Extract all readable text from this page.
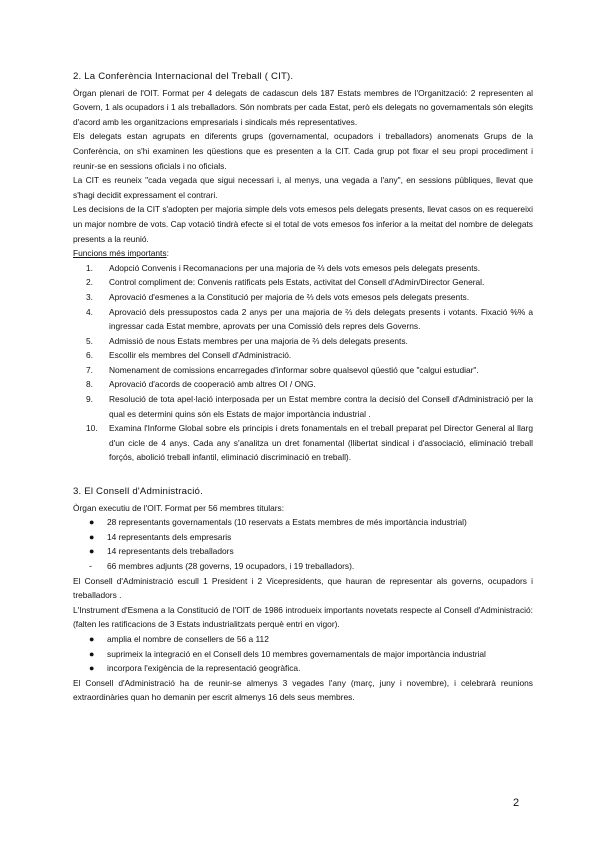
2. La Conferència Internacional del Treball ( CIT).

Òrgan plenari de l'OIT. Format per 4 delegats de cadascun dels 187 Estats membres de l'Organització: 2 representen al Govern, 1 als ocupadors i 1 als treballadors. Són nombrats per cada Estat, però els delegats no governamentals són elegits d'acord amb les organitzacions empresarials i sindicals més representatives.

Els delegats estan agrupats en diferents grups (governamental, ocupadors i treballadors) anomenats Grups de la Conferència, on s'hi examinen les qüestions que es presenten a la CIT. Cada grup pot fixar el seu propi procediment i reunir-se en sessions oficials i no oficials.

La CIT es reuneix "cada vegada que sigui necessari i, al menys, una vegada a l'any", en sessions públiques, llevat que s'hagi decidit expressament el contrari.

Les decisions de la CIT s'adopten per majoria simple dels vots emesos pels delegats presents, llevat casos on es requereixi un major nombre de vots. Cap votació tindrà efecte si el total de vots emesos fos inferior a la meitat del nombre de delegats presents a la reunió.

Funcions més importants:

1. Adopció Convenis i Recomanacions per una majoria de ⅔ dels vots emesos pels delegats presents.
2. Control compliment de: Convenis ratificats pels Estats, activitat del Consell d'Admin/Director General.
3. Aprovació d'esmenes a la Constitució per majoria de ⅔ dels vots emesos pels delegats presents.
4. Aprovació dels pressupostos cada 2 anys per una majoria de ⅔ dels delegats presents i votants. Fixació %% a ingressar cada Estat membre, aprovats per una Comissió dels repres dels Governs.
5. Admissió de nous Estats membres per una majoria de ⅔ dels delegats presents.
6. Escollir els membres del Consell d'Administració.
7. Nomenament de comissions encarregades d'informar sobre qualsevol qüestió que "calgui estudiar".
8. Aprovació d'acords de cooperació amb altres OI / ONG.
9. Resolució de tota apel·lació interposada per un Estat membre contra la decisió del Consell d'Administració per la qual es determini quins són els Estats de major importància industrial .
10. Examina l'Informe Global sobre els principis i drets fonamentals en el treball preparat pel Director General al llarg d'un cicle de 4 anys. Cada any s'analitza un dret fonamental (llibertat sindical i d'associació, eliminació treball forçós, abolició treball infantil, eliminació discriminació en treball).
3. El Consell d'Administració.

Òrgan executiu de l'OIT. Format per 56 membres titulars:

● 28 representants governamentals (10 reservats a Estats membres de més importància industrial)
● 14 representants dels empresaris
● 14 representants dels treballadors
- 66 membres adjunts (28 governs, 19 ocupadors, i 19 treballadors).

El Consell d'Administració escull 1 President i 2 Vicepresidents, que hauran de representar als governs, ocupadors i treballadors .

L'Instrument d'Esmena a la Constitució de l'OIT de 1986 introdueix importants novetats respecte al Consell d'Administració: (falten les ratificacions de 3 Estats industrialitzats perquè entri en vigor).

● amplia el nombre de consellers de 56 a 112
● suprimeix la integració en el Consell dels 10 membres governamentals de major importància industrial
● incorpora l'exigència de la representació geogràfica.

El Consell d'Administració ha de reunir-se almenys 3 vegades l'any (març, juny i novembre), i celebrarà reunions extraordinàries quan ho demanin per escrit almenys 16 dels seus membres.

2
